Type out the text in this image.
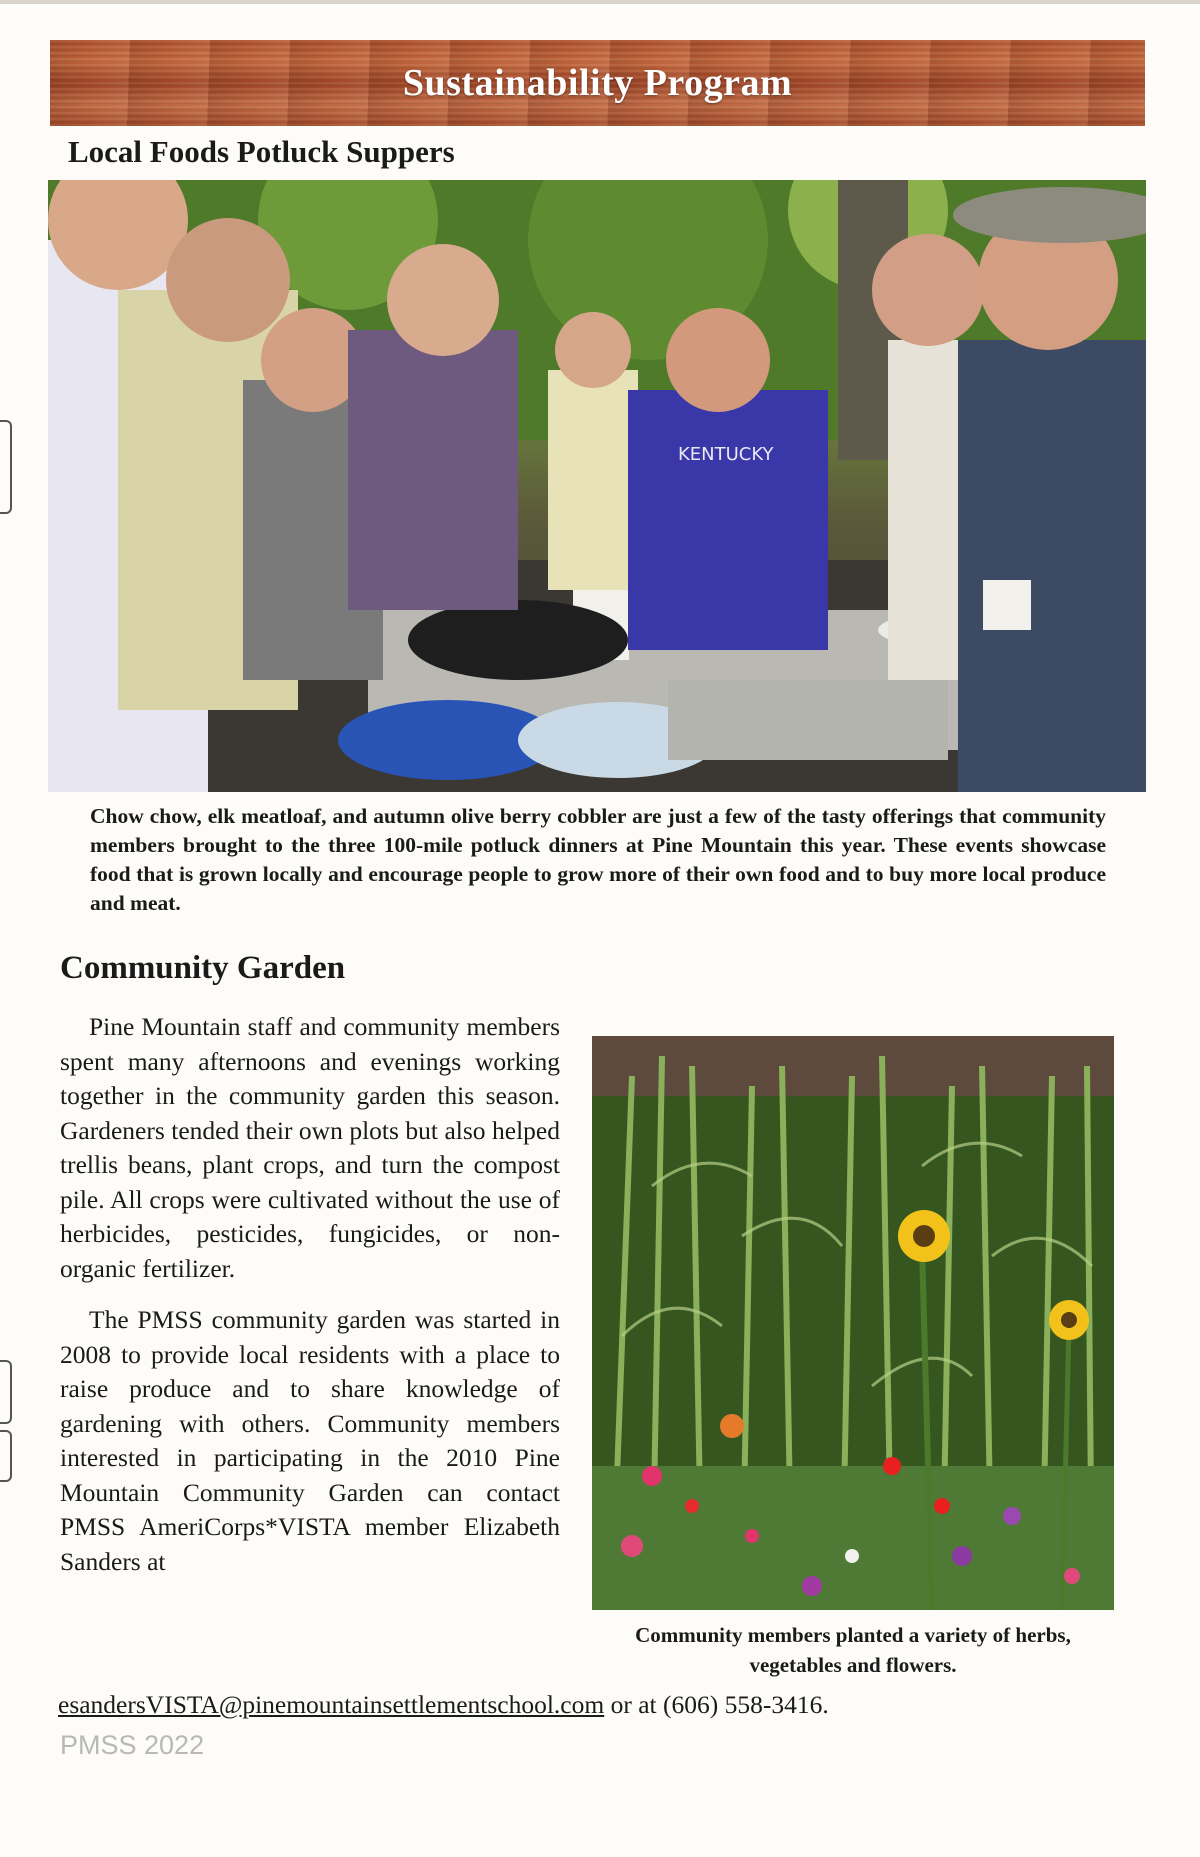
Sustainability Program
Local Foods Potluck Suppers
KENTUCKY
Chow chow, elk meatloaf, and autumn olive berry cobbler are just a few of the tasty offerings that community members brought to the three 100-mile potluck dinners at Pine Mountain this year. These events showcase food that is grown locally and encourage people to grow more of their own food and to buy more local produce and meat.
Community Garden

Pine Mountain staff and community members spent many afternoons and evenings working together in the community garden this season. Gardeners tended their own plots but also helped trellis beans, plant crops, and turn the compost pile. All crops were cultivated without the use of herbicides, pesticides, fungicides, or non-organic fertilizer.

The PMSS community garden was started in 2008 to provide local residents with a place to raise produce and to share knowledge of gardening with others. Community members interested in participating in the 2010 Pine Mountain Community Garden can contact PMSS AmeriCorps*VISTA member Elizabeth Sanders at

Community members planted a variety of herbs, vegetables and flowers.
esandersVISTA@pinemountainsettlementschool.com or at (606) 558-3416.
PMSS 2022
